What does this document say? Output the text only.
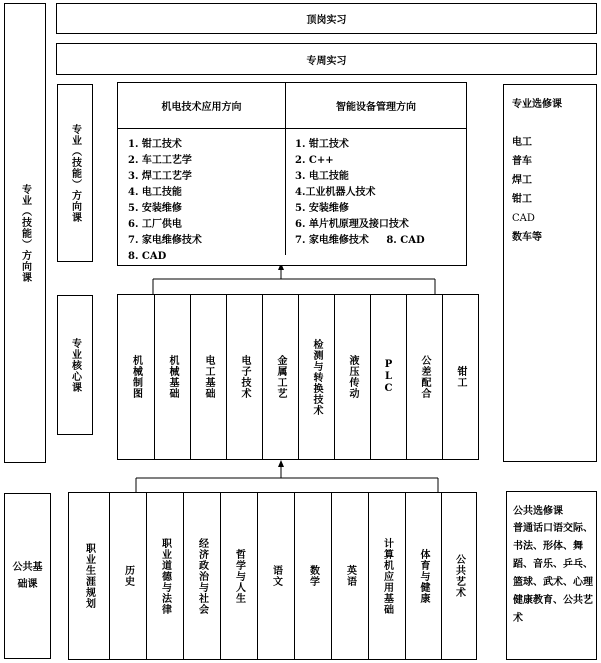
专业（技能）方向课
顶岗实习
专周实习
专业（技能）方向课
机电技术应用方向	智能设备管理方向
1. 钳工技术
2. 车工工艺学
3. 焊工工艺学
4. 电工技能
5. 安装维修
6. 工厂供电
7. 家电维修技术
8. CAD
1. 钳工技术
2. C++
3. 电工技能
4.工业机器人技术
5. 安装维修
6. 单片机原理及接口技术
7. 家电维修技术     8. CAD
专业选修课
电工
普车
焊工
钳工
CAD
数车等
专业核心课	机械制图	机械基础	电工基础	电子技术	金属工艺	检测与转换技术	液压传动	PLC	公差配合	钳工
公共基础课	职业生涯规划	历史	职业道德与法律	经济政治与社会	哲学与人生	语文	数学	英语	计算机应用基础	体育与健康 公共艺术
公共选修课
普通话口语交际、书法、形体、舞蹈、音乐、乒乓、篮球、武术、心理健康教育、公共艺术
